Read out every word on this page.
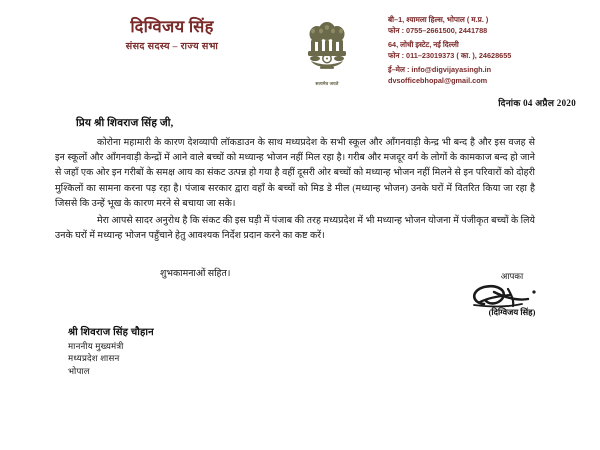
दिग्विजय सिंह
संसद सदस्य – राज्य सभा
सत्यमेव जयते
बी–1, श्यामला हिल्स, भोपाल ( म.प्र. )
फोन : 0755–2661500, 2441788
64, लोधी इस्टेट, नई दिल्ली
फोन : 011–23019373 ( का. ), 24628655
ई–मेल : info@digvijayasingh.in
dvsofficebhopal@gmail.com
दिनांक 04 अप्रैल 2020
प्रिय श्री शिवराज सिंह जी,
कोरोना महामारी के कारण देशव्यापी लॉकडाउन के साथ मध्यप्रदेश के सभी स्कूल और आँगनवाड़ी केन्द्र भी बन्द है और इस वजह से इन स्कूलों और आँगनवाड़ी केन्द्रों में आने वाले बच्चों को मध्यान्ह भोजन नहीं मिल रहा है। गरीब और मजदूर वर्ग के लोगों के कामकाज बन्द हो जाने से जहाँ एक ओर इन गरीबों के समक्ष आय का संकट उत्पन्न हो गया है वहीं दूसरी ओर बच्चों को मध्यान्ह भोजन नहीं मिलने से इन परिवारों को दोहरी मुश्किलों का सामना करना पड़ रहा है। पंजाब सरकार द्वारा वहाँ के बच्चों को मिड डे मील (मध्यान्ह भोजन) उनके घरों में वितरित किया जा रहा है जिससे कि उन्हें भूख के कारण मरने से बचाया जा सके।
मेरा आपसे सादर अनुरोध है कि संकट की इस घड़ी में पंजाब की तरह मध्यप्रदेश में भी मध्यान्ह भोजन योजना में पंजीकृत बच्चों के लिये उनके घरों में मध्यान्ह भोजन पहुँचाने हेतु आवश्यक निर्देश प्रदान करने का कष्ट करें।
शुभकामनाओं सहित।	आपका
(दिग्विजय सिंह)
श्री शिवराज सिंह चौहान
माननीय मुख्यमंत्री
मध्यप्रदेश शासन
भोपाल
